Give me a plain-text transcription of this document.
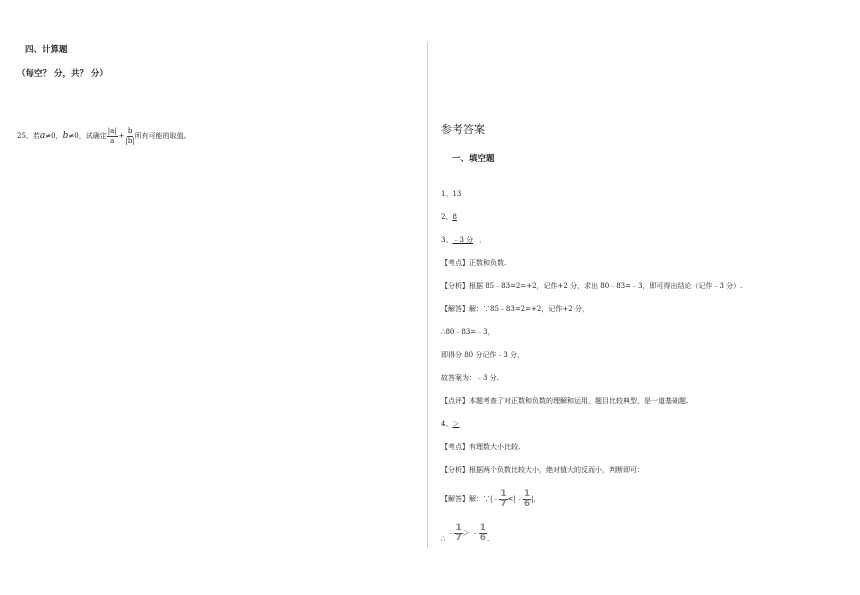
四、计算题
（每空？ 分，共？ 分）
25、若 a ≠0， b ≠0， 试确定 $\frac{|a|}{a} + \frac{b}{|b|}$ 所有可能的取值。	参考答案
一、填空题
1、13
2、8
3、﹣3 分 ．
【考点】正数和负数.
【分析】根据 85﹣83=2=+2，记作+2 分，求出 80﹣83=﹣3，即可得出结论（记作﹣3 分）.
【解答】解：∵85﹣83=2=+2，记作+2 分，
∴80﹣83=﹣3，
即得分 80 分记作﹣3 分，
故答案为：﹣3 分.
【点评】本题考查了对正数和负数的理解和运用，题目比较典型，是一道基础题.
4、＞
【考点】有理数大小比较.
【分析】根据两个负数比较大小，绝对值大的反而小，判断即可：
【解答】解：∵|﹣ $\frac{1}{7}$ <|﹣ $\frac{1}{6}$ |，
∴
﹣ $\frac{1}{7}$ ＞ ﹣ $\frac{1}{6}$ .
